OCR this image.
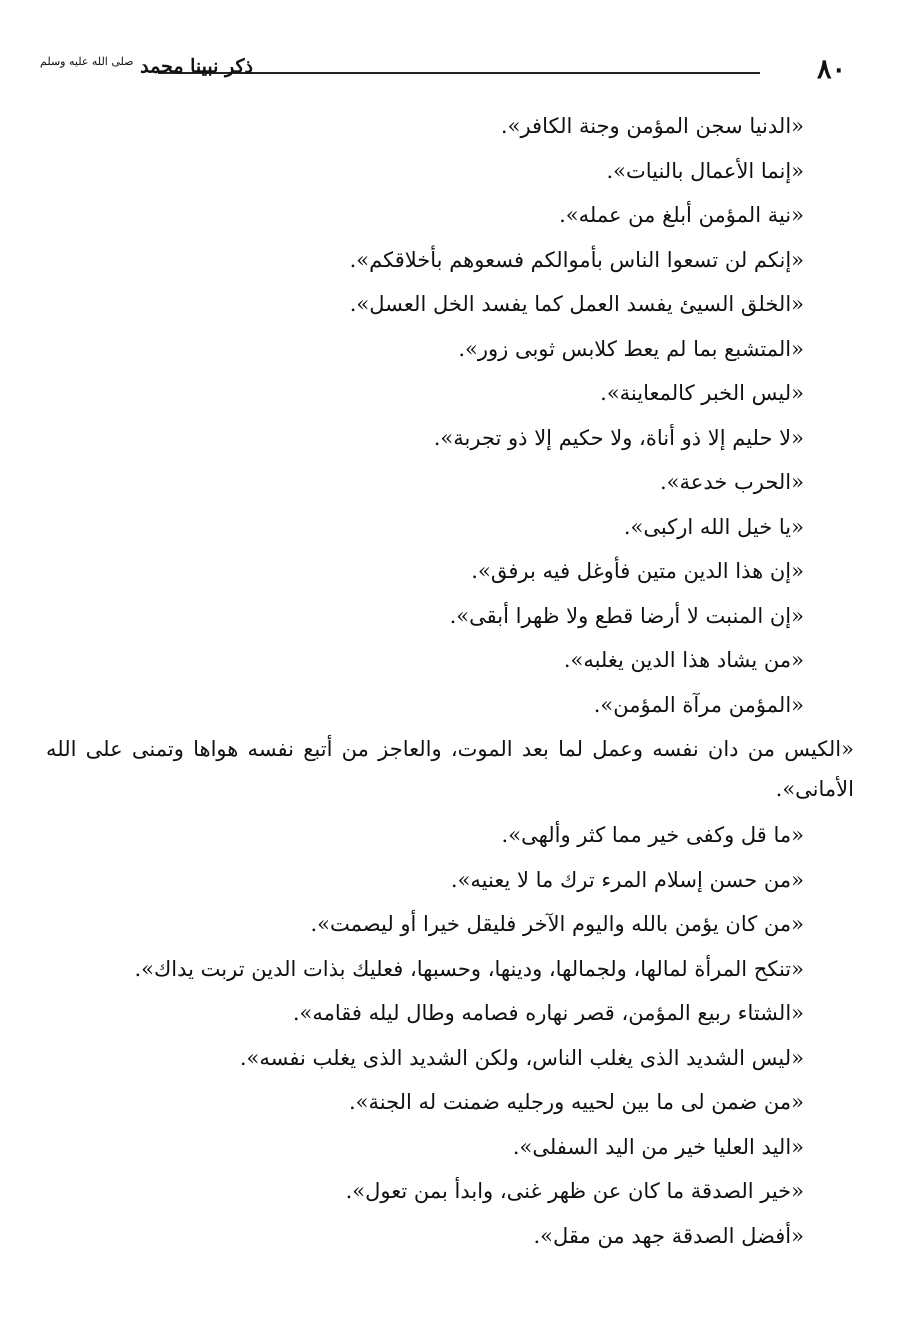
٨٠
ذكر نبينا محمد $^{صلى الله عليه وسلم}$
«الدنيا سجن المؤمن وجنة الكافر».
«إنما الأعمال بالنيات».
«نية المؤمن أبلغ من عمله».
«إنكم لن تسعوا الناس بأموالكم فسعوهم بأخلاقكم».
«الخلق السيئ يفسد العمل كما يفسد الخل العسل».
«المتشبع بما لم يعط كلابس ثوبى زور».
«ليس الخبر كالمعاينة».
«لا حليم إلا ذو أناة، ولا حكيم إلا ذو تجربة».
«الحرب خدعة».
«يا خيل الله اركبى».
«إن هذا الدين متين فأوغل فيه برفق».
«إن المنبت لا أرضا قطع ولا ظهرا أبقى».
«من يشاد هذا الدين يغلبه».
«المؤمن مرآة المؤمن».
«الكيس من دان نفسه وعمل لما بعد الموت، والعاجز من أتبع نفسه هواها وتمنى على الله الأمانى».
«ما قل وكفى خير مما كثر وألهى».
«من حسن إسلام المرء ترك ما لا يعنيه».
«من كان يؤمن بالله واليوم الآخر فليقل خيرا أو ليصمت».
«تنكح المرأة لمالها، ولجمالها، ودينها، وحسبها، فعليك بذات الدين تربت يداك».
«الشتاء ربيع المؤمن، قصر نهاره فصامه وطال ليله فقامه».
«ليس الشديد الذى يغلب الناس، ولكن الشديد الذى يغلب نفسه».
«من ضمن لى ما بين لحييه ورجليه ضمنت له الجنة».
«اليد العليا خير من اليد السفلى».
«خير الصدقة ما كان عن ظهر غنى، وابدأ بمن تعول».
«أفضل الصدقة جهد من مقل».
